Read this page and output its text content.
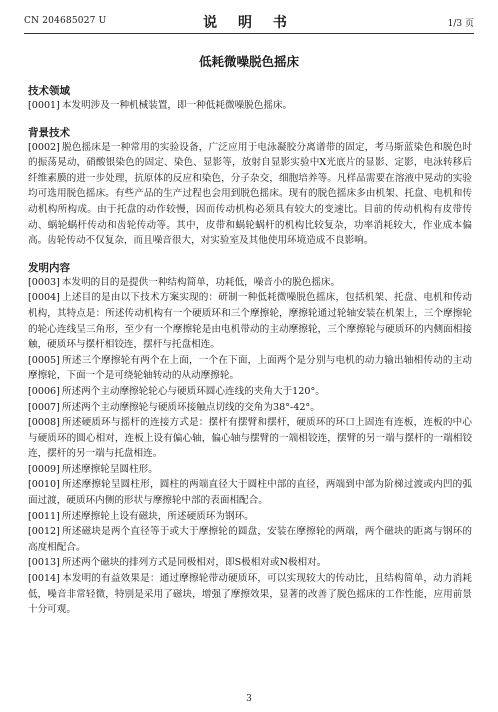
CN 204685027 U	说 明 书	1/3 页
低耗微噪脱色摇床
技术领域

[0001] 本发明涉及一种机械装置，即一种低耗微噪脱色摇床。

背景技术

[0002] 脱色摇床是一种常用的实验设备，广泛应用于电泳凝胶分离谱带的固定，考马斯蓝染色和脱色时的振荡晃动，硝酸银染色的固定、染色、显影等，放射自显影实验中X光底片的显影、定影，电泳转移后纤维素膜的进一步处理，抗原体的反应和染色，分子杂交，细胞培养等。凡样品需要在溶液中晃动的实验均可选用脱色摇床。有些产品的生产过程也会用到脱色摇床。现有的脱色摇床多由机架、托盘、电机和传动机构所构成。由于托盘的动作较慢，因而传动机构必须具有较大的变速比。目前的传动机构有皮带传动、蜗轮蜗杆传动和齿轮传动等。其中，皮带和蜗轮蜗杆的机构比较复杂，功率消耗较大，作业成本偏高。齿轮传动不仅复杂，而且噪音很大，对实验室及其他使用环境造成不良影响。

发明内容

[0003] 本发明的目的是提供一种结构简单，功耗低，噪音小的脱色摇床。

[0004] 上述目的是由以下技术方案实现的：研制一种低耗微噪脱色摇床，包括机架、托盘、电机和传动机构，其特点是：所述传动机构有一个硬质环和三个摩擦轮，摩擦轮通过轮轴安装在机架上，三个摩擦轮的轮心连线呈三角形，至少有一个摩擦轮是由电机带动的主动摩擦轮，三个摩擦轮与硬质环的内侧面相接触，硬质环与摆杆相铰连，摆杆与托盘相连。

[0005] 所述三个摩擦轮有两个在上面，一个在下面，上面两个是分别与电机的动力输出轴相传动的主动摩擦轮，下面一个是可绕轮轴转动的从动摩擦轮。

[0006] 所述两个主动摩擦轮轮心与硬质环圆心连线的夹角大于120°。

[0007] 所述两个主动摩擦轮与硬质环接触点切线的交角为38°-42°。

[0008] 所述硬质环与摇杆的连接方式是：摆杆有摆臂和摆杆，硬质环的环口上固连有连板，连板的中心与硬质环的圆心相对，连板上设有偏心轴，偏心轴与摆臂的一端相铰连，摆臂的另一端与摆杆的一端相铰连，摆杆的另一端与托盘相连。

[0009] 所述摩擦轮呈圆柱形。

[0010] 所述摩擦轮呈圆柱形，圆柱的两端直径大于圆柱中部的直径，两端到中部为阶梯过渡或内凹的弧面过渡，硬质环内侧的形状与摩擦轮中部的表面相配合。

[0011] 所述摩擦轮上设有磁块，所述硬质环为钢环。

[0012] 所述磁块是两个直径等于或大于摩擦轮的圆盘，安装在摩擦轮的两端，两个磁块的距离与钢环的高度相配合。

[0013] 所述两个磁块的排列方式是同极相对，即S极相对或N极相对。

[0014] 本发明的有益效果是：通过摩擦轮带动硬质环，可以实现较大的传动比，且结构简单，动力消耗低，噪音非常轻微，特别是采用了磁块，增强了摩擦效果，显著的改善了脱色摇床的工作性能，应用前景十分可观。

3
